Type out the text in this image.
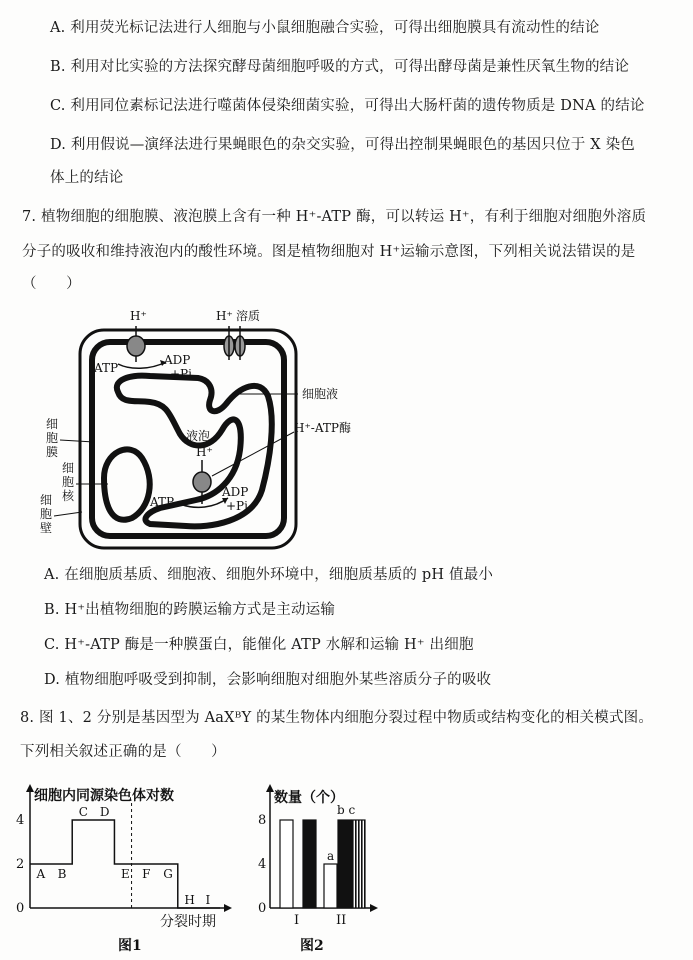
A. 利用荧光标记法进行人细胞与小鼠细胞融合实验，可得出细胞膜具有流动性的结论
B. 利用对比实验的方法探究酵母菌细胞呼吸的方式，可得出酵母菌是兼性厌氧生物的结论
C. 利用同位素标记法进行噬菌体侵染细菌实验，可得出大肠杆菌的遗传物质是 DNA 的结论
D. 利用假说—演绎法进行果蝇眼色的杂交实验，可得出控制果蝇眼色的基因只位于 X 染色
体上的结论
7. 植物细胞的细胞膜、液泡膜上含有一种 H⁺-ATP 酶，可以转运 H⁺，有利于细胞对细胞外溶质
分子的吸收和维持液泡内的酸性环境。图是植物细胞对 H⁺运输示意图，下列相关说法错误的是
（　　）
H⁺
ATP
ADP
+Pi
H⁺ 溶质
细胞液
H⁺-ATP酶
液泡
H⁺
ATP
ADP
+Pi
细
胞
膜
细
胞
核
细
胞
壁
A. 在细胞质基质、细胞液、细胞外环境中，细胞质基质的 pH 值最小
B. H⁺出植物细胞的跨膜运输方式是主动运输
C. H⁺-ATP 酶是一种膜蛋白，能催化 ATP 水解和运输 H⁺ 出细胞
D. 植物细胞呼吸受到抑制，会影响细胞对细胞外某些溶质分子的吸收
8. 图 1、2 分别是基因型为 AaXᴮY 的某生物体内细胞分裂过程中物质或结构变化的相关模式图。
下列相关叙述正确的是（　　）
细胞内同源染色体对数
分裂时期
图1
0
2
4
A B
C D
E F G
H I
数量（个）
图2
0
4
8
I	II
a
b c
